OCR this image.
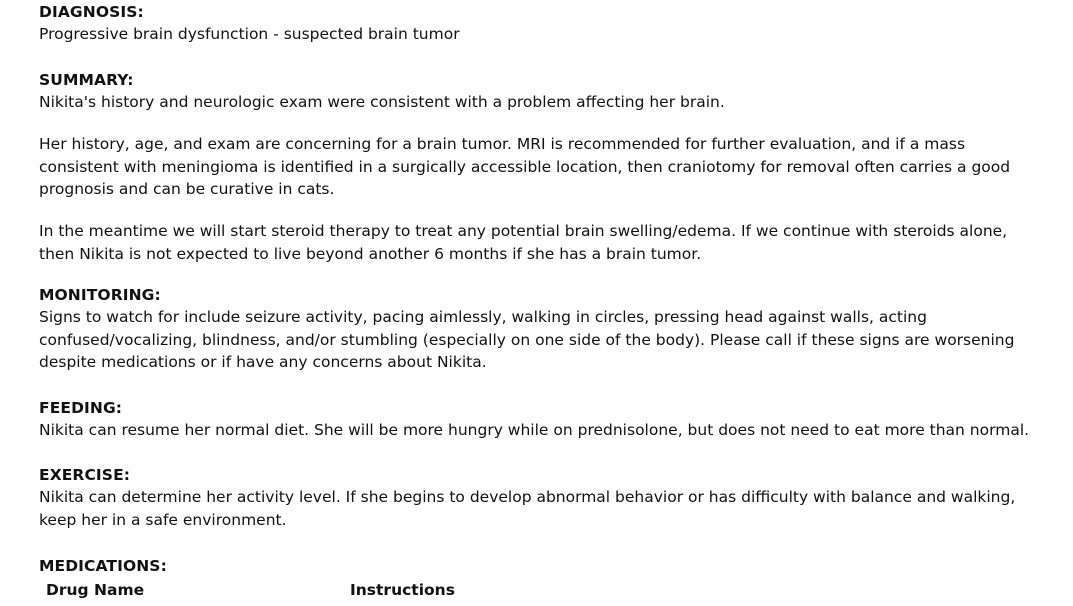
DIAGNOSIS:

Progressive brain dysfunction - suspected brain tumor

SUMMARY:

Nikita's history and neurologic exam were consistent with a problem affecting her brain.

Her history, age, and exam are concerning for a brain tumor. MRI is recommended for further evaluation, and if a mass
consistent with meningioma is identified in a surgically accessible location, then craniotomy for removal often carries a good
prognosis and can be curative in cats.

In the meantime we will start steroid therapy to treat any potential brain swelling/edema. If we continue with steroids alone,
then Nikita is not expected to live beyond another 6 months if she has a brain tumor.

MONITORING:

Signs to watch for include seizure activity, pacing aimlessly, walking in circles, pressing head against walls, acting
confused/vocalizing, blindness, and/or stumbling (especially on one side of the body). Please call if these signs are worsening
despite medications or if have any concerns about Nikita.

FEEDING:

Nikita can resume her normal diet. She will be more hungry while on prednisolone, but does not need to eat more than normal.

EXERCISE:

Nikita can determine her activity level. If she begins to develop abnormal behavior or has difficulty with balance and walking,
keep her in a safe environment.

MEDICATIONS:

Drug Name	Instructions
